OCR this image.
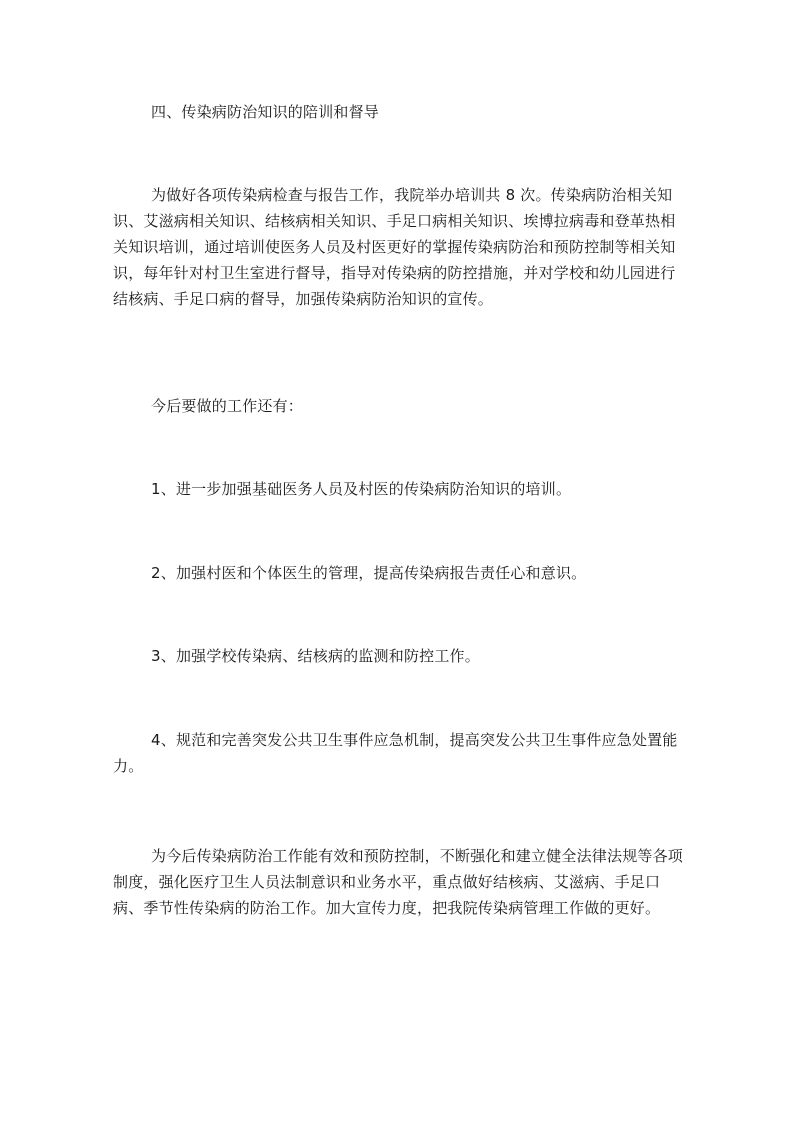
四、传染病防治知识的陪训和督导

为做好各项传染病检查与报告工作，我院举办培训共 8 次。传染病防治相关知识、艾滋病相关知识、结核病相关知识、手足口病相关知识、埃博拉病毒和登革热相关知识培训，通过培训使医务人员及村医更好的掌握传染病防治和预防控制等相关知识，每年针对村卫生室进行督导，指导对传染病的防控措施，并对学校和幼儿园进行结核病、手足口病的督导，加强传染病防治知识的宣传。

今后要做的工作还有：

1、进一步加强基础医务人员及村医的传染病防治知识的培训。

2、加强村医和个体医生的管理，提高传染病报告责任心和意识。

3、加强学校传染病、结核病的监测和防控工作。

4、规范和完善突发公共卫生事件应急机制，提高突发公共卫生事件应急处置能力。

为今后传染病防治工作能有效和预防控制，不断强化和建立健全法律法规等各项制度，强化医疗卫生人员法制意识和业务水平，重点做好结核病、艾滋病、手足口病、季节性传染病的防治工作。加大宣传力度，把我院传染病管理工作做的更好。
